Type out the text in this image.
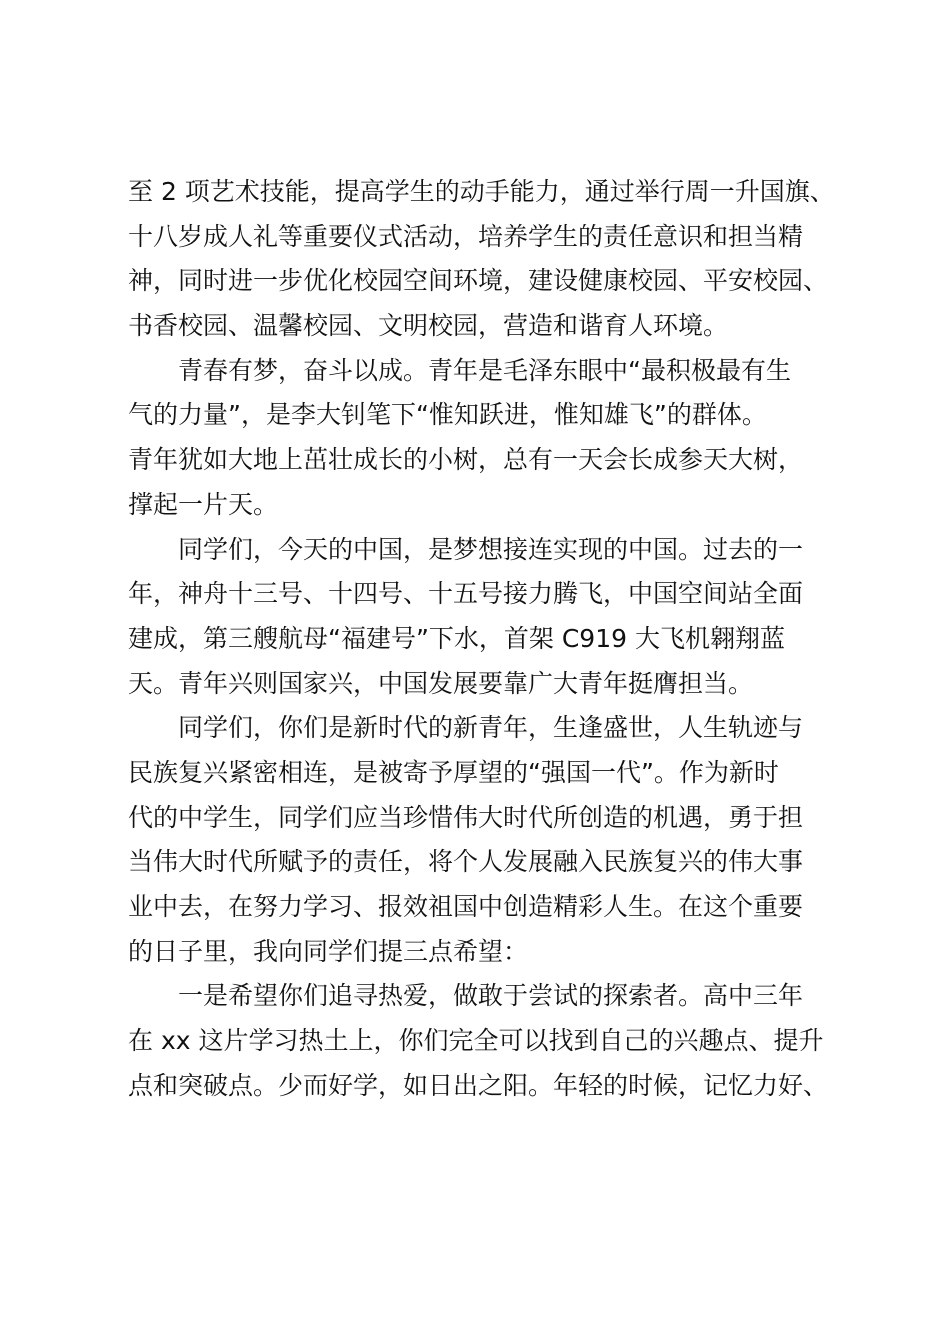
至 2 项艺术技能，提高学生的动手能力，通过举行周一升国旗、
十八岁成人礼等重要仪式活动，培养学生的责任意识和担当精
神，同时进一步优化校园空间环境，建设健康校园、平安校园、
书香校园、温馨校园、文明校园，营造和谐育人环境。
青春有梦，奋斗以成。青年是毛泽东眼中“最积极最有生
气的力量”，是李大钊笔下“惟知跃进，惟知雄飞”的群体。
青年犹如大地上茁壮成长的小树，总有一天会长成参天大树，
撑起一片天。
同学们，今天的中国，是梦想接连实现的中国。过去的一
年，神舟十三号、十四号、十五号接力腾飞，中国空间站全面
建成，第三艘航母“福建号”下水，首架 C919 大飞机翱翔蓝
天。青年兴则国家兴，中国发展要靠广大青年挺膺担当。
同学们，你们是新时代的新青年，生逢盛世，人生轨迹与
民族复兴紧密相连，是被寄予厚望的“强国一代”。作为新时
代的中学生，同学们应当珍惜伟大时代所创造的机遇，勇于担
当伟大时代所赋予的责任，将个人发展融入民族复兴的伟大事
业中去，在努力学习、报效祖国中创造精彩人生。在这个重要
的日子里，我向同学们提三点希望：
一是希望你们追寻热爱，做敢于尝试的探索者。高中三年
在 xx 这片学习热土上，你们完全可以找到自己的兴趣点、提升
点和突破点。少而好学，如日出之阳。年轻的时候，记忆力好、
